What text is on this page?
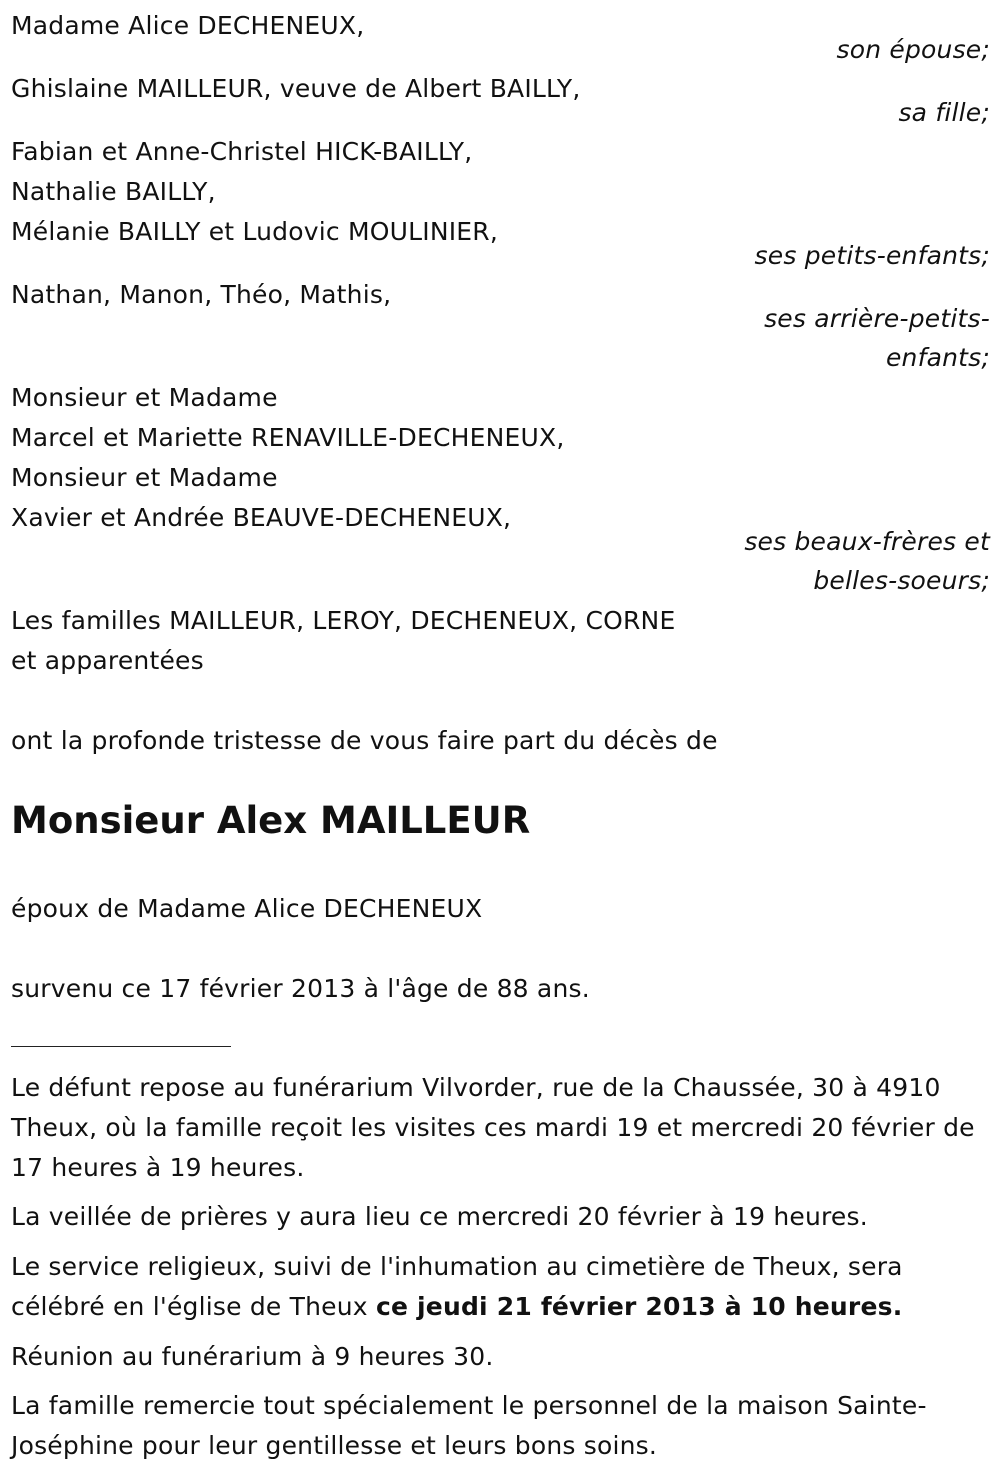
Madame Alice DECHENEUX,
son épouse;
Ghislaine MAILLEUR, veuve de Albert BAILLY,
sa fille;
Fabian et Anne-Christel HICK-BAILLY,
Nathalie BAILLY,
Mélanie BAILLY et Ludovic MOULINIER,
ses petits-enfants;
Nathan, Manon, Théo, Mathis,
ses arrière-petits-
enfants;
Monsieur et Madame
Marcel et Mariette RENAVILLE-DECHENEUX,
Monsieur et Madame
Xavier et Andrée BEAUVE-DECHENEUX,
ses beaux-frères et
belles-soeurs;
Les familles MAILLEUR, LEROY, DECHENEUX, CORNE
et apparentées
ont la profonde tristesse de vous faire part du décès de
Monsieur Alex MAILLEUR
époux de Madame Alice DECHENEUX
survenu ce 17 février 2013 à l'âge de 88 ans.
Le défunt repose au funérarium Vilvorder, rue de la Chaussée, 30 à 4910 Theux, où la famille reçoit les visites ces mardi 19 et mercredi 20 février de 17 heures à 19 heures.
La veillée de prières y aura lieu ce mercredi 20 février à 19 heures.
Le service religieux, suivi de l'inhumation au cimetière de Theux, sera célébré en l'église de Theux ce jeudi 21 février 2013 à 10 heures.
Réunion au funérarium à 9 heures 30.
La famille remercie tout spécialement le personnel de la maison Sainte-Joséphine pour leur gentillesse et leurs bons soins.
